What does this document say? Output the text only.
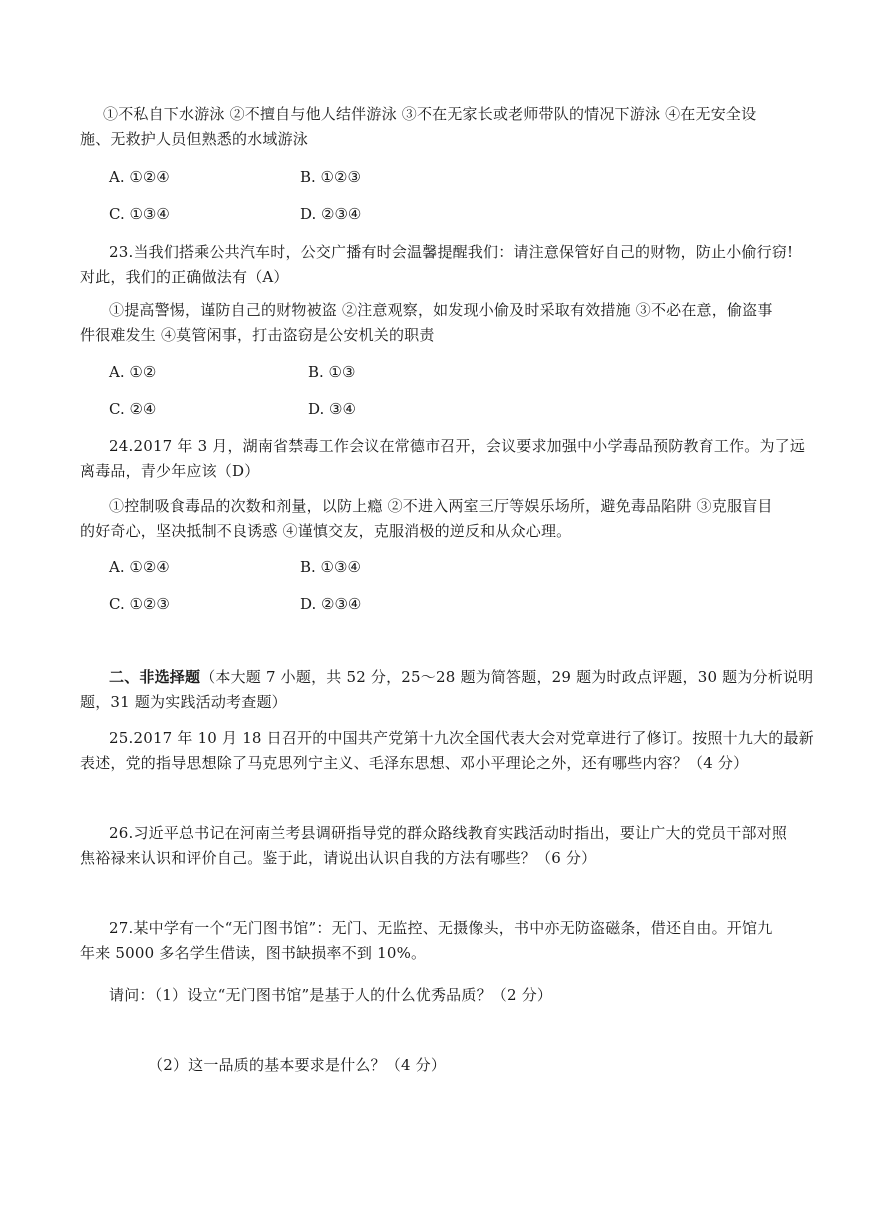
①不私自下水游泳 ②不擅自与他人结伴游泳 ③不在无家长或老师带队的情况下游泳 ④在无安全设
施、无救护人员但熟悉的水域游泳
A. ①②④	B. ①②③
C. ①③④	D. ②③④
23.当我们搭乘公共汽车时，公交广播有时会温馨提醒我们：请注意保管好自己的财物，防止小偷行窃!
对此，我们的正确做法有（A）
①提高警惕，谨防自己的财物被盗 ②注意观察，如发现小偷及时采取有效措施 ③不必在意，偷盗事
件很难发生 ④莫管闲事，打击盗窃是公安机关的职责
A. ①②	B. ①③
C. ②④	D. ③④
24.2017 年 3 月，湖南省禁毒工作会议在常德市召开，会议要求加强中小学毒品预防教育工作。为了远
离毒品，青少年应该（D）
①控制吸食毒品的次数和剂量，以防上瘾 ②不进入两室三厅等娱乐场所，避免毒品陷阱 ③克服盲目
的好奇心，坚决抵制不良诱惑 ④谨慎交友，克服消极的逆反和从众心理。
A. ①②④	B. ①③④
C. ①②③	D. ②③④
二、非选择题（本大题 7 小题，共 52 分，25～28 题为简答题，29 题为时政点评题，30 题为分析说明
题，31 题为实践活动考查题）
25.2017 年 10 月 18 日召开的中国共产党第十九次全国代表大会对党章进行了修订。按照十九大的最新
表述，党的指导思想除了马克思列宁主义、毛泽东思想、邓小平理论之外，还有哪些内容？（4 分）
26.习近平总书记在河南兰考县调研指导党的群众路线教育实践活动时指出，要让广大的党员干部对照
焦裕禄来认识和评价自己。鉴于此，请说出认识自我的方法有哪些？（6 分）
27.某中学有一个“无门图书馆”：无门、无监控、无摄像头，书中亦无防盗磁条，借还自由。开馆九
年来 5000 多名学生借读，图书缺损率不到 10%。
请问：（1）设立“无门图书馆”是基于人的什么优秀品质？（2 分）
（2）这一品质的基本要求是什么？（4 分）
